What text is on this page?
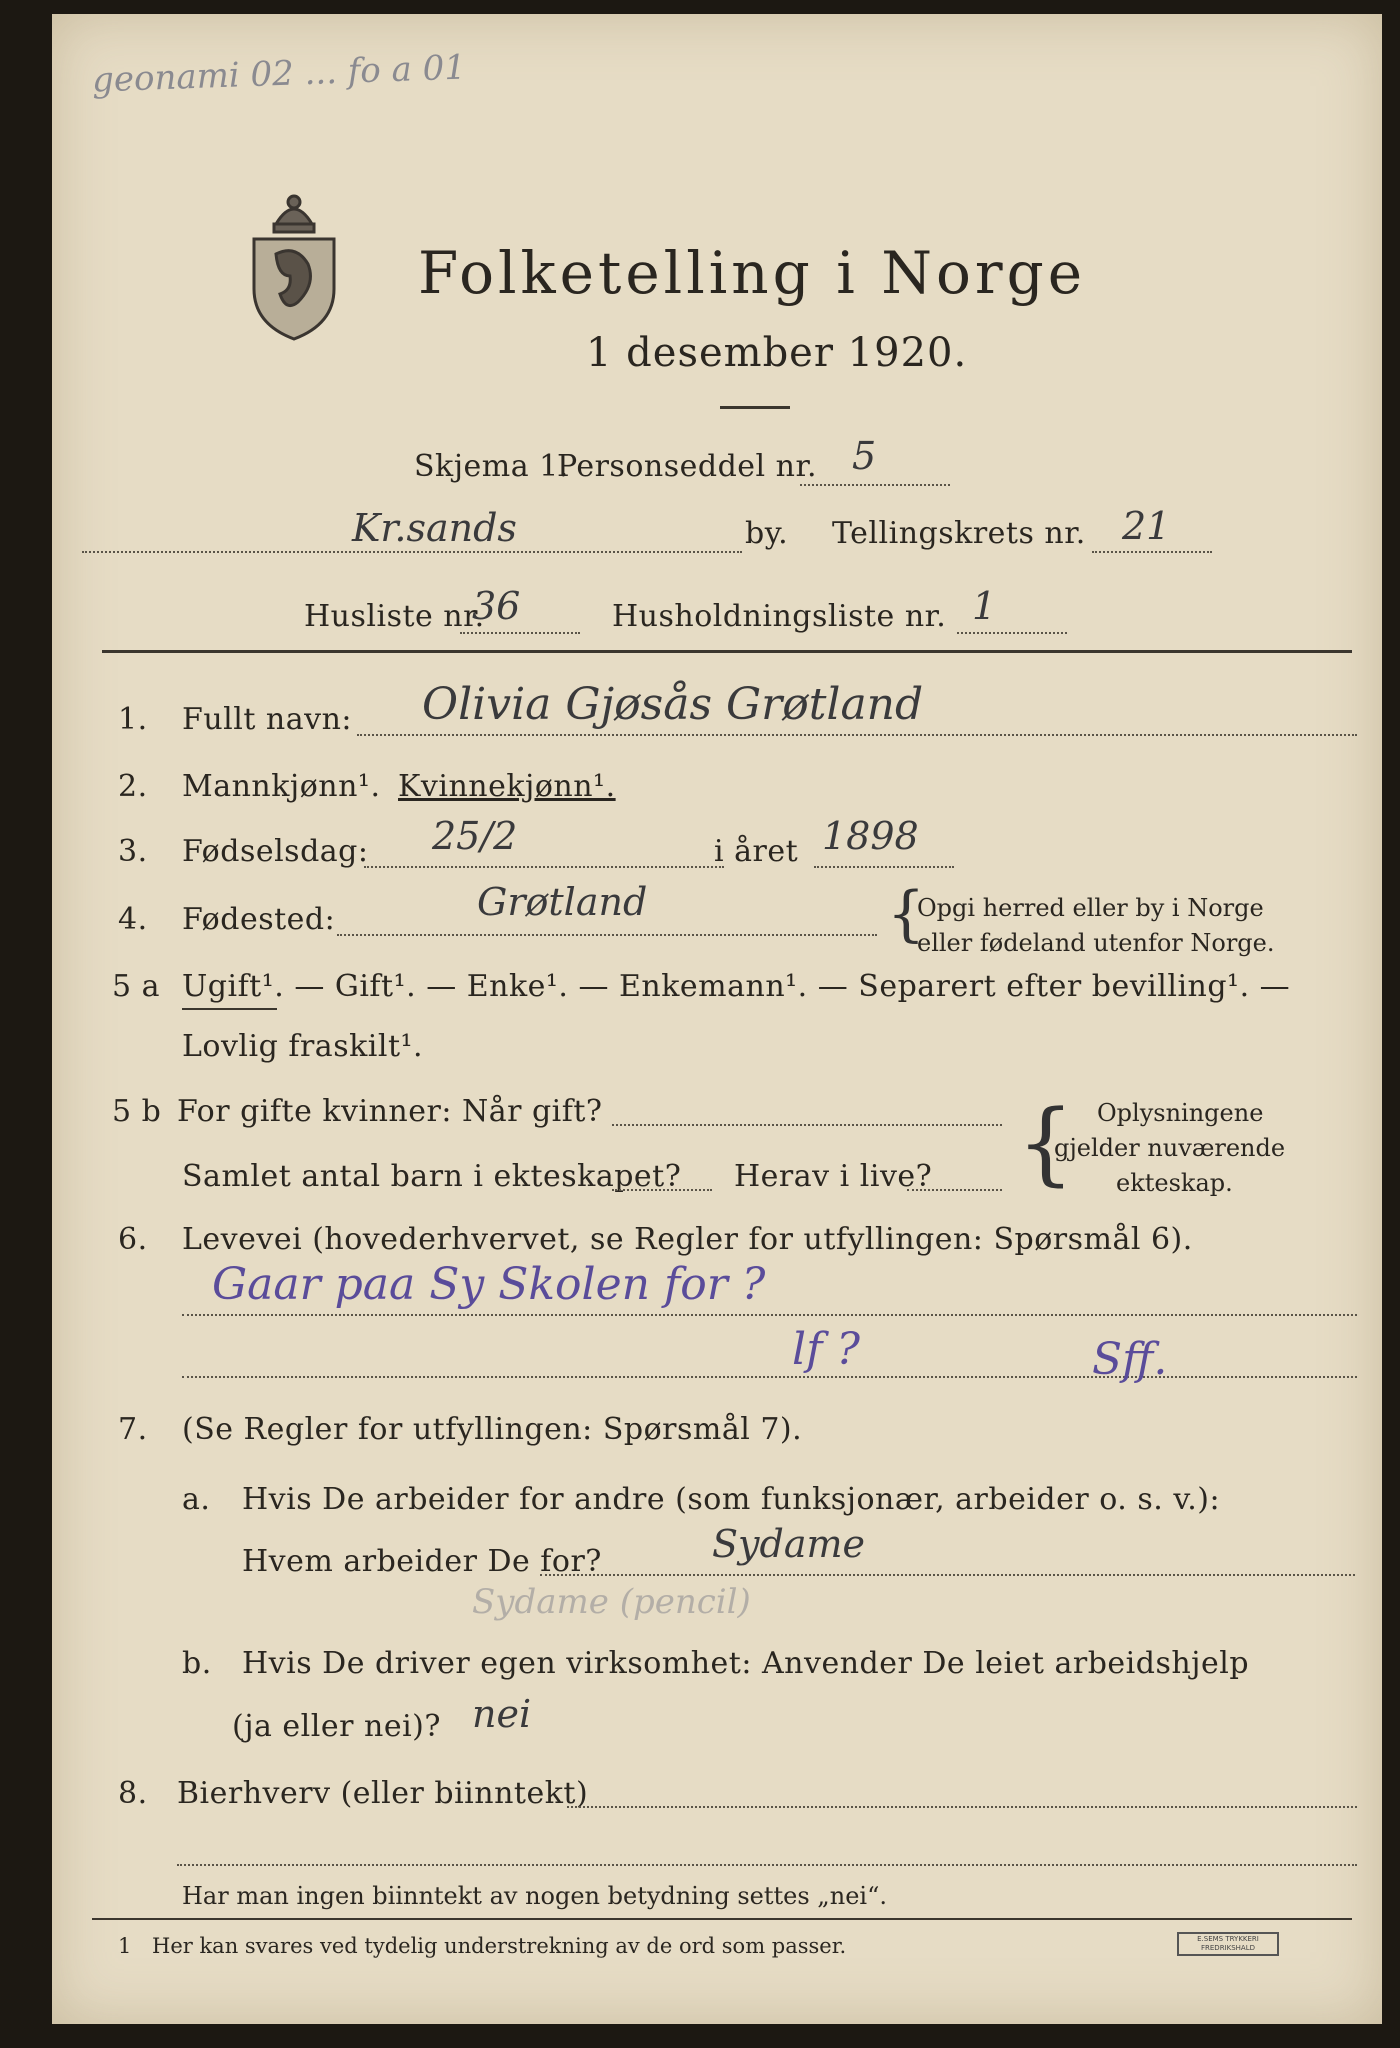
geonami 02 ... fo a 01
Folketelling i Norge
1 desember 1920.
Skjema 1.
Personseddel nr. 5
Kr.sands	by. Tellingskrets nr. 21
Husliste nr.
36	Husholdningsliste nr. 1
1. Fullt navn: Olivia Gjøsås Grøtland
2. Mannkjønn¹. Kvinnekjønn¹.
3. Fødselsdag: 25/2	i året 1898
4. Fødested:	Grøtland	{
Opgi herred eller by i Norge
eller fødeland utenfor Norge.
5 a Ugift¹. — Gift¹. — Enke¹. — Enkemann¹. — Separert efter bevilling¹. —
Lovlig fraskilt¹.
5 b For gifte kvinner: Når gift?
Samlet antal barn i ekteskapet? Herav i live? { Oplysningene
gjelder nuværende
ekteskap.
6. Levevei (hovederhvervet, se Regler for utfyllingen: Spørsmål 6).
Gaar paa Sy Skolen for ?
lf ?	Sff.
7. (Se Regler for utfyllingen: Spørsmål 7).
a. Hvis De arbeider for andre (som funksjonær, arbeider o. s. v.):
Hvem arbeider De for?	Sydame
Sydame (pencil)
b. Hvis De driver egen virksomhet: Anvender De leiet arbeidshjelp
(ja eller nei)? nei
8. Bierhverv (eller biinntekt)
Har man ingen biinntekt av nogen betydning settes „nei“.
1 Her kan svares ved tydelig understrekning av de ord som passer.	E.SEMS TRYKKERI FREDRIKSHALD
